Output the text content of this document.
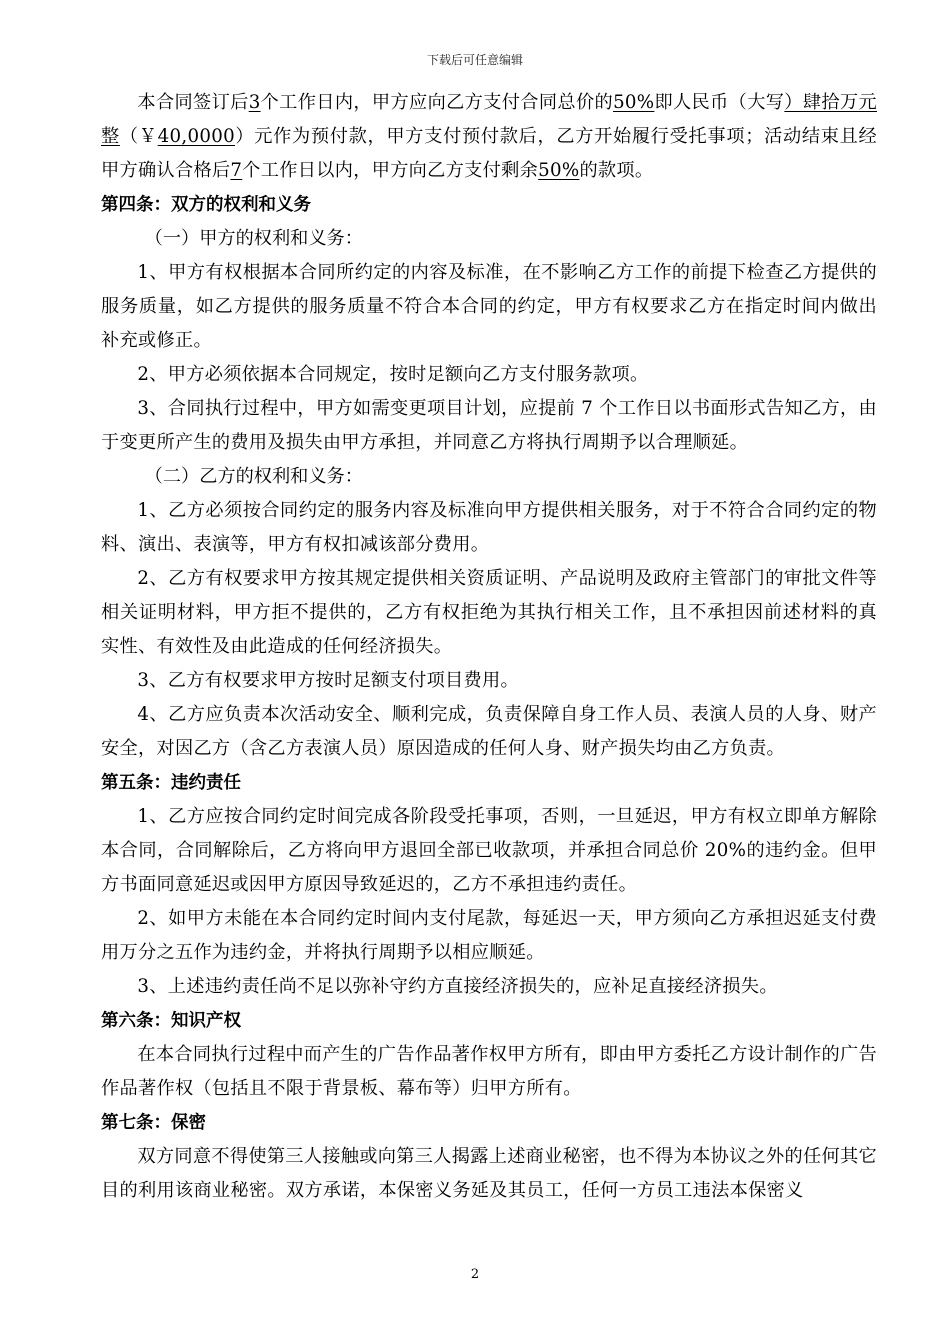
下载后可任意编辑

本合同签订后3个工作日内，甲方应向乙方支付合同总价的50%即人民币（大写）肆拾万元整（￥40,0000）元作为预付款，甲方支付预付款后，乙方开始履行受托事项；活动结束且经甲方确认合格后7个工作日以内，甲方向乙方支付剩余50%的款项。

第四条：双方的权利和义务

（一）甲方的权利和义务：

1、甲方有权根据本合同所约定的内容及标准，在不影响乙方工作的前提下检查乙方提供的服务质量，如乙方提供的服务质量不符合本合同的约定，甲方有权要求乙方在指定时间内做出补充或修正。

2、甲方必须依据本合同规定，按时足额向乙方支付服务款项。

3、合同执行过程中，甲方如需变更项目计划，应提前 7 个工作日以书面形式告知乙方，由于变更所产生的费用及损失由甲方承担，并同意乙方将执行周期予以合理顺延。

（二）乙方的权利和义务：

1、乙方必须按合同约定的服务内容及标准向甲方提供相关服务，对于不符合合同约定的物料、演出、表演等，甲方有权扣减该部分费用。

2、乙方有权要求甲方按其规定提供相关资质证明、产品说明及政府主管部门的审批文件等相关证明材料，甲方拒不提供的，乙方有权拒绝为其执行相关工作，且不承担因前述材料的真实性、有效性及由此造成的任何经济损失。

3、乙方有权要求甲方按时足额支付项目费用。

4、乙方应负责本次活动安全、顺利完成，负责保障自身工作人员、表演人员的人身、财产安全，对因乙方（含乙方表演人员）原因造成的任何人身、财产损失均由乙方负责。

第五条：违约责任

1、乙方应按合同约定时间完成各阶段受托事项，否则，一旦延迟，甲方有权立即单方解除本合同，合同解除后，乙方将向甲方退回全部已收款项，并承担合同总价 20%的违约金。但甲方书面同意延迟或因甲方原因导致延迟的，乙方不承担违约责任。

2、如甲方未能在本合同约定时间内支付尾款，每延迟一天，甲方须向乙方承担迟延支付费用万分之五作为违约金，并将执行周期予以相应顺延。

3、上述违约责任尚不足以弥补守约方直接经济损失的，应补足直接经济损失。

第六条：知识产权

在本合同执行过程中而产生的广告作品著作权甲方所有，即由甲方委托乙方设计制作的广告作品著作权（包括且不限于背景板、幕布等）归甲方所有。

第七条：保密

双方同意不得使第三人接触或向第三人揭露上述商业秘密，也不得为本协议之外的任何其它目的利用该商业秘密。双方承诺，本保密义务延及其员工，任何一方员工违法本保密义

2
